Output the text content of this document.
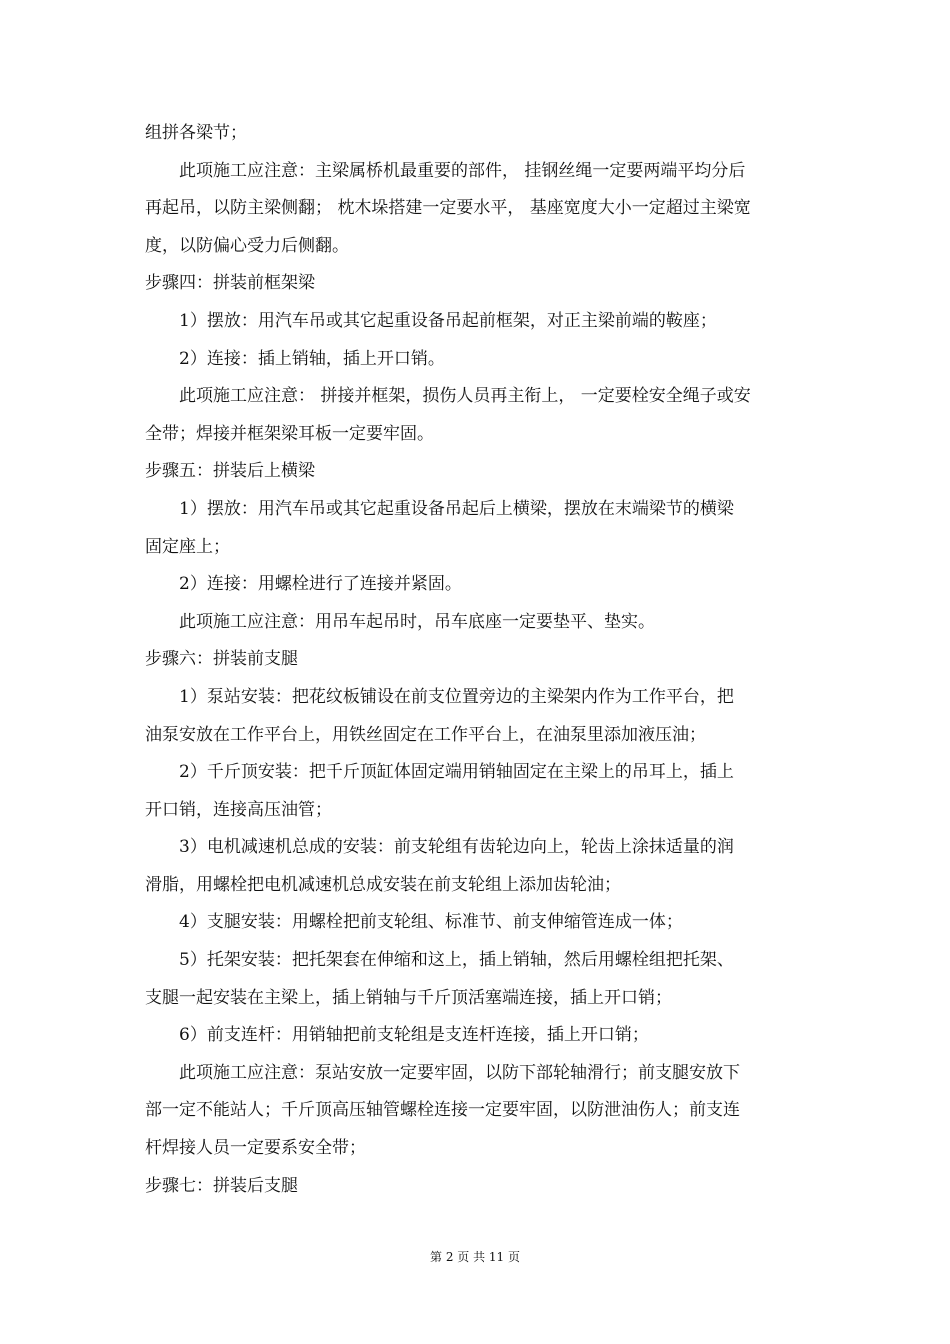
组拼各梁节；
此项施工应注意：主梁属桥机最重要的部件， 挂钢丝绳一定要两端平均分后
再起吊，以防主梁侧翻； 枕木垛搭建一定要水平， 基座宽度大小一定超过主梁宽
度，以防偏心受力后侧翻。
步骤四：拼装前框架梁
1）摆放：用汽车吊或其它起重设备吊起前框架，对正主梁前端的鞍座；
2）连接：插上销轴，插上开口销。
此项施工应注意： 拼接并框架，损伤人员再主衔上， 一定要栓安全绳子或安
全带；焊接并框架梁耳板一定要牢固。
步骤五：拼装后上横梁
1）摆放：用汽车吊或其它起重设备吊起后上横梁，摆放在末端梁节的横梁
固定座上；
2）连接：用螺栓进行了连接并紧固。
此项施工应注意：用吊车起吊时，吊车底座一定要垫平、垫实。
步骤六：拼装前支腿
1）泵站安装：把花纹板铺设在前支位置旁边的主梁架内作为工作平台，把
油泵安放在工作平台上，用铁丝固定在工作平台上，在油泵里添加液压油；
2）千斤顶安装：把千斤顶缸体固定端用销轴固定在主梁上的吊耳上，插上
开口销，连接高压油管；
3）电机减速机总成的安装：前支轮组有齿轮边向上，轮齿上涂抹适量的润
滑脂，用螺栓把电机减速机总成安装在前支轮组上添加齿轮油；
4）支腿安装：用螺栓把前支轮组、标准节、前支伸缩管连成一体；
5）托架安装：把托架套在伸缩和这上，插上销轴，然后用螺栓组把托架、
支腿一起安装在主梁上，插上销轴与千斤顶活塞端连接，插上开口销；
6）前支连杆：用销轴把前支轮组是支连杆连接，插上开口销；
此项施工应注意：泵站安放一定要牢固，以防下部轮轴滑行；前支腿安放下
部一定不能站人；千斤顶高压轴管螺栓连接一定要牢固，以防泄油伤人；前支连
杆焊接人员一定要系安全带；
步骤七：拼装后支腿
第 2 页 共 11 页
